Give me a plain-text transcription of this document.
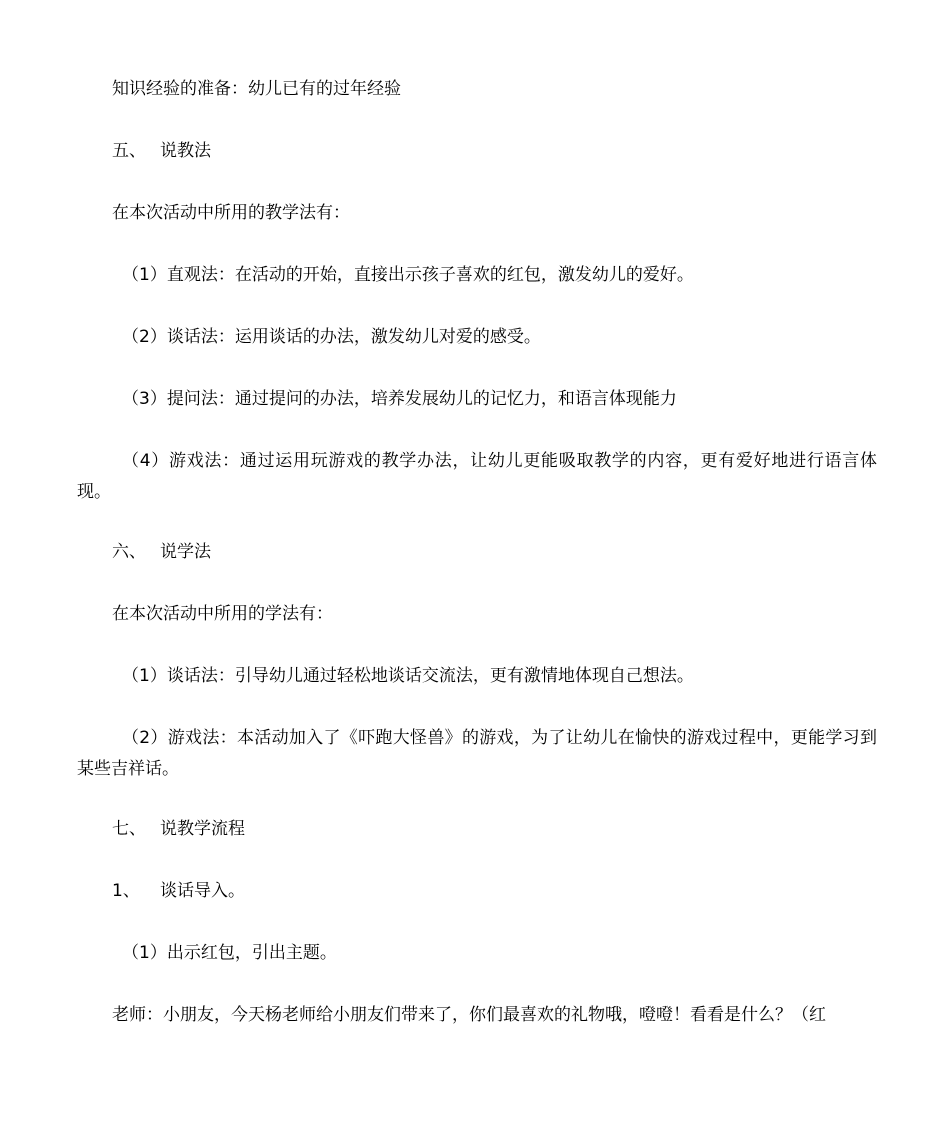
知识经验的准备：幼儿已有的过年经验
五、 说教法
在本次活动中所用的教学法有：
（1）直观法：在活动的开始，直接出示孩子喜欢的红包，激发幼儿的爱好。
（2）谈话法：运用谈话的办法，激发幼儿对爱的感受。
（3）提问法：通过提问的办法，培养发展幼儿的记忆力，和语言体现能力
（4）游戏法：通过运用玩游戏的教学办法，让幼儿更能吸取教学的内容，更有爱好地进行语言体现。
六、 说学法
在本次活动中所用的学法有：
（1）谈话法：引导幼儿通过轻松地谈话交流法，更有激情地体现自己想法。
（2）游戏法：本活动加入了《吓跑大怪兽》的游戏，为了让幼儿在愉快的游戏过程中，更能学习到某些吉祥话。
七、 说教学流程
1、 谈话导入。
（1）出示红包，引出主题。
老师：小朋友，今天杨老师给小朋友们带来了，你们最喜欢的礼物哦，噔噔！看看是什么？（红
